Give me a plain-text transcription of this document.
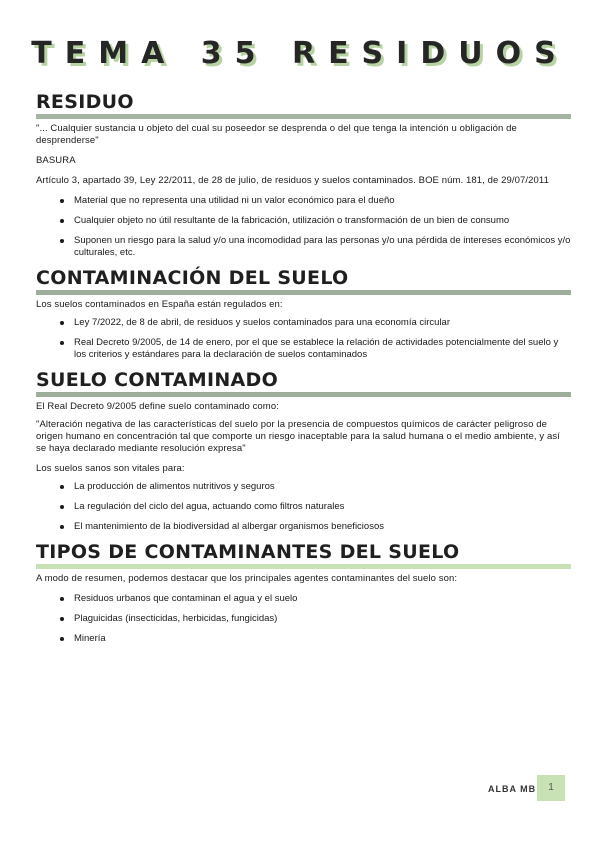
TEMA 35 RESIDUOS
RESIDUO

"... Cualquier sustancia u objeto del cual su poseedor se desprenda o del que tenga la intención u obligación de desprenderse"

BASURA

Artículo 3, apartado 39, Ley 22/2011, de 28 de julio, de residuos y suelos contaminados. BOE núm. 181, de 29/07/2011

Material que no representa una utilidad ni un valor económico para el dueño
Cualquier objeto no útil resultante de la fabricación, utilización o transformación de un bien de consumo
Suponen un riesgo para la salud y/o una incomodidad para las personas y/o una pérdida de intereses económicos y/o culturales, etc.
CONTAMINACIÓN DEL SUELO

Los suelos contaminados en España están regulados en:

Ley 7/2022, de 8 de abril, de residuos y suelos contaminados para una economía circular
Real Decreto 9/2005, de 14 de enero, por el que se establece la relación de actividades potencialmente del suelo y los criterios y estándares para la declaración de suelos contaminados
SUELO CONTAMINADO

El Real Decreto 9/2005 define suelo contaminado como:

"Alteración negativa de las características del suelo por la presencia de compuestos químicos de carácter peligroso de origen humano en concentración tal que comporte un riesgo inaceptable para la salud humana o el medio ambiente, y así se haya declarado mediante resolución expresa"

Los suelos sanos son vitales para:

La producción de alimentos nutritivos y seguros
La regulación del ciclo del agua, actuando como filtros naturales
El mantenimiento de la biodiversidad al albergar organismos beneficiosos
TIPOS DE CONTAMINANTES DEL SUELO

A modo de resumen, podemos destacar que los principales agentes contaminantes del suelo son:

Residuos urbanos que contaminan el agua y el suelo
Plaguicidas (insecticidas, herbicidas, fungicidas)
Minería
ALBA MB	1
